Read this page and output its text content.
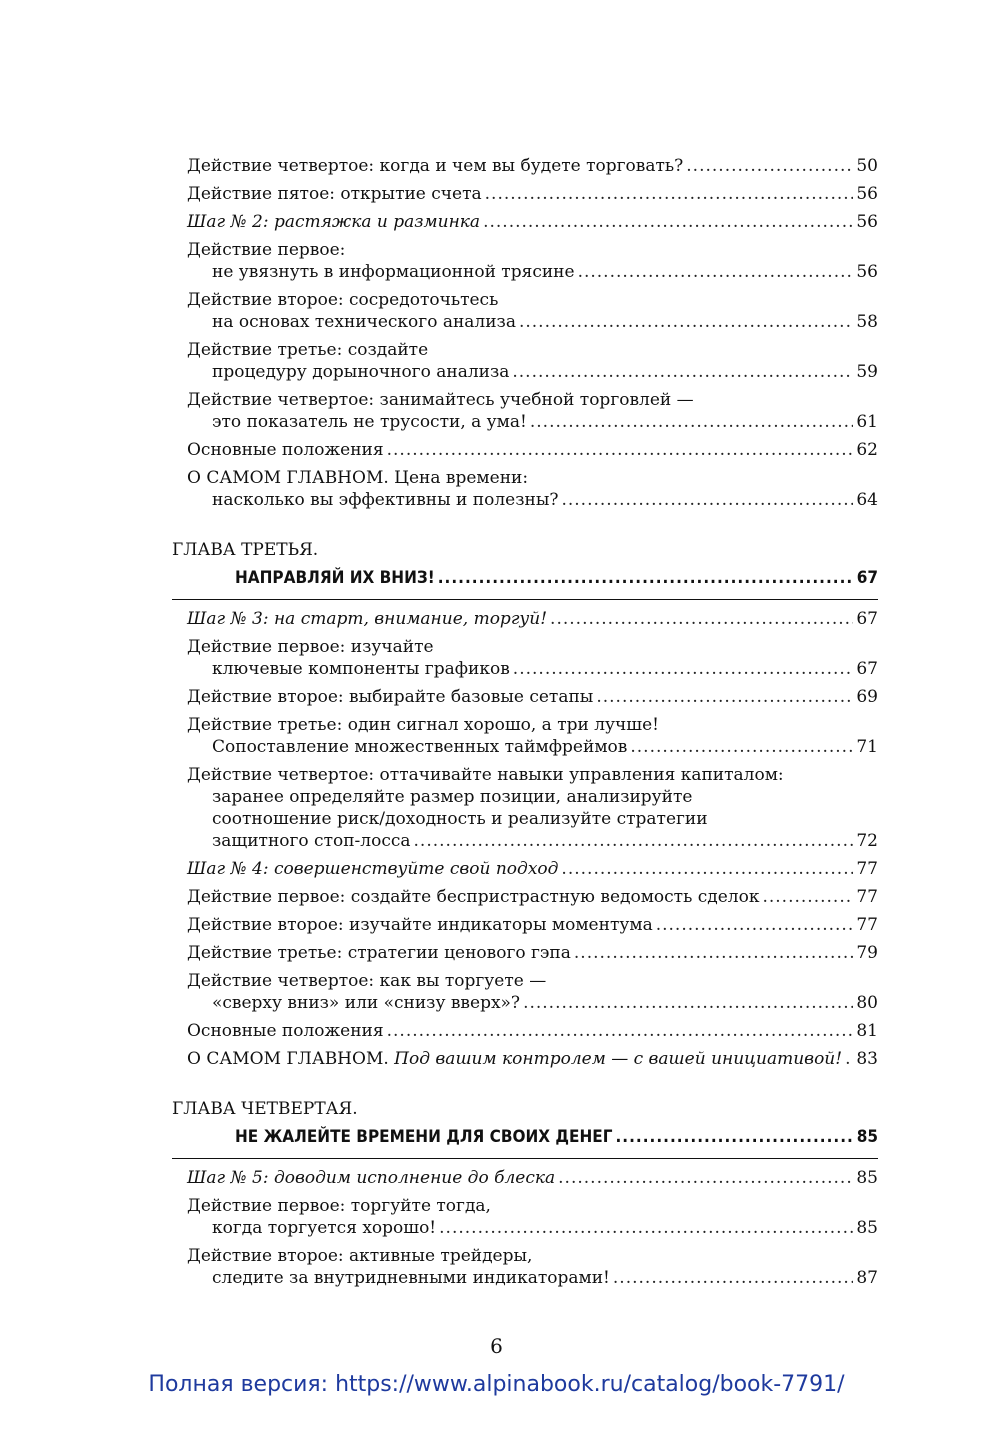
Действие четвертое: когда и чем вы будете торговать? .....	50
Действие пятое: открытие счета .....	56
Шаг № 2: растяжка и разминка .....	56
Действие первое:
не увязнуть в информационной трясине .....	56
Действие второе: сосредоточьтесь
на основах технического анализа .....	58
Действие третье: создайте
процедуру дорыночного анализа .....	59
Действие четвертое: занимайтесь учебной торговлей —
это показатель не трусости, а ума! .....	61
Основные положения .....	62
О САМОМ ГЛАВНОМ. Цена времени:
насколько вы эффективны и полезны? .....	64
ГЛАВА ТРЕТЬЯ.
НАПРАВЛЯЙ ИХ ВНИЗ! .....	67
Шаг № 3: на старт, внимание, торгуй! .....	67
Действие первое: изучайте
ключевые компоненты графиков .....	67
Действие второе: выбирайте базовые сетапы .....	69
Действие третье: один сигнал хорошо, а три лучше!
Сопоставление множественных таймфреймов .....	71
Действие четвертое: оттачивайте навыки управления капиталом:
заранее определяйте размер позиции, анализируйте
соотношение риск/доходность и реализуйте стратегии
защитного стоп-лосса .....	72
Шаг № 4: совершенствуйте свой подход .....	77
Действие первое: создайте беспристрастную ведомость сделок .....	77
Действие второе: изучайте индикаторы моментума .....	77
Действие третье: стратегии ценового гэпа .....	79
Действие четвертое: как вы торгуете —
«сверху вниз» или «снизу вверх»? .....	80
Основные положения .....	81
О САМОМ ГЛАВНОМ. Под вашим контролем — с вашей инициативой! ..... 83
ГЛАВА ЧЕТВЕРТАЯ.
НЕ ЖАЛЕЙТЕ ВРЕМЕНИ ДЛЯ СВОИХ ДЕНЕГ .....	85
Шаг № 5: доводим исполнение до блеска .....	85
Действие первое: торгуйте тогда,
когда торгуется хорошо! .....	85
Действие второе: активные трейдеры,
следите за внутридневными индикаторами! .....	87
6
Полная версия: https://www.alpinabook.ru/catalog/book-7791/
